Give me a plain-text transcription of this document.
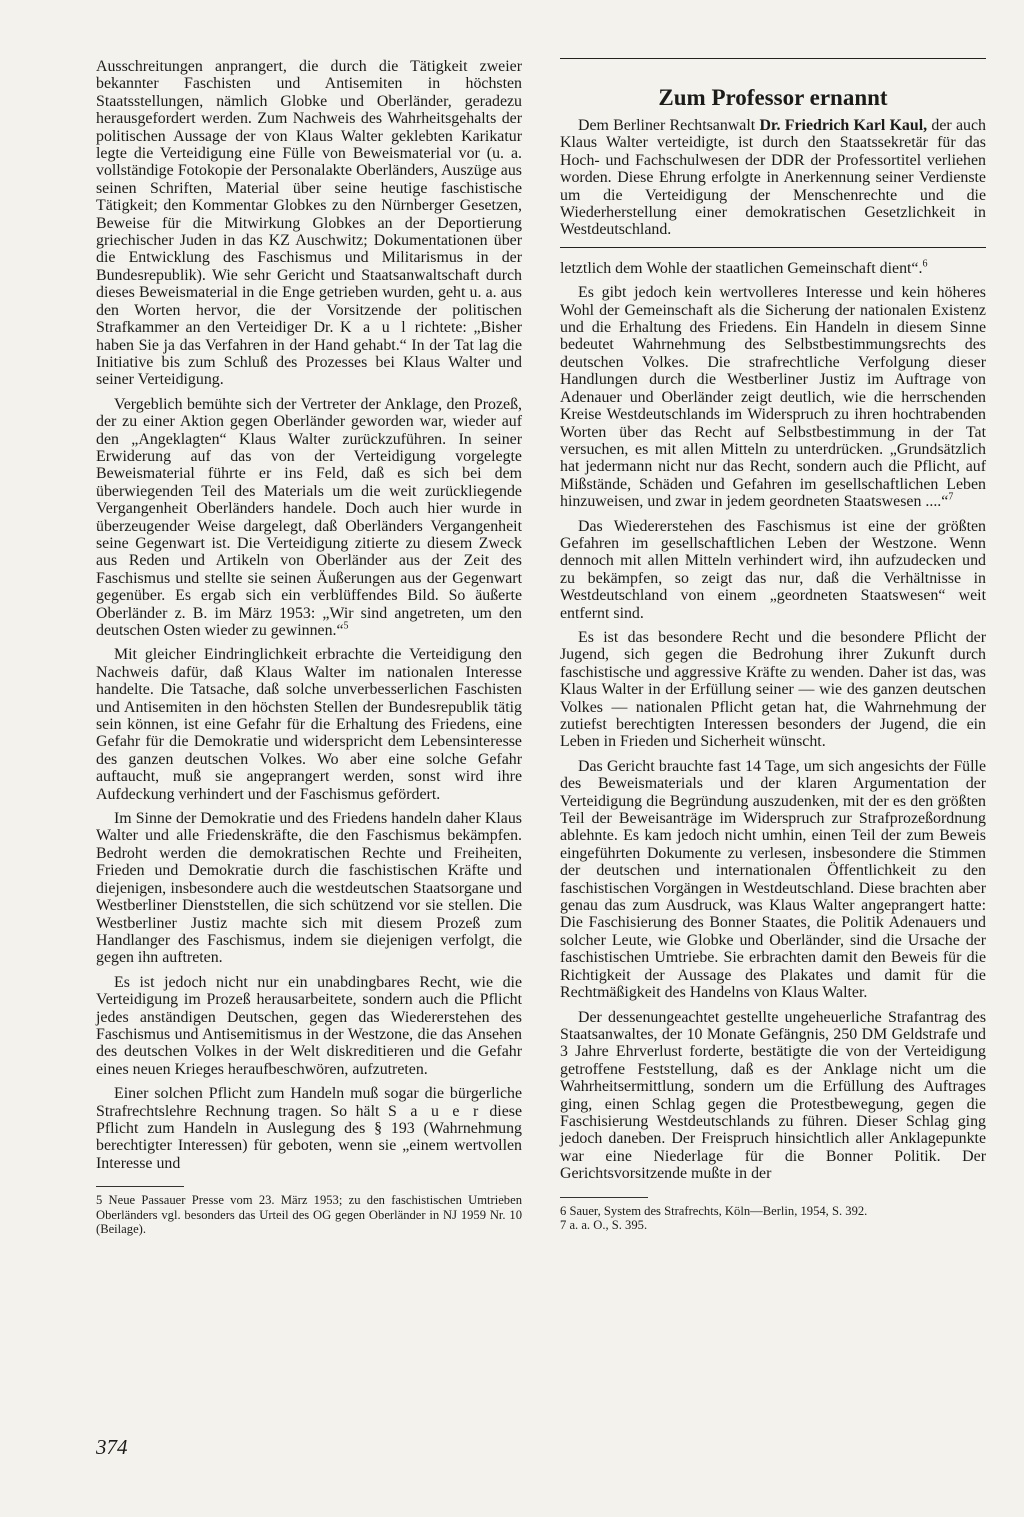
Ausschreitungen anprangert, die durch die Tätigkeit zweier bekannter Faschisten und Antisemiten in höchsten Staatsstellungen, nämlich Globke und Oberländer, geradezu herausgefordert werden. Zum Nachweis des Wahrheitsgehalts der politischen Aussage der von Klaus Walter geklebten Karikatur legte die Verteidigung eine Fülle von Beweismaterial vor (u. a. vollständige Fotokopie der Personalakte Oberländers, Auszüge aus seinen Schriften, Material über seine heutige faschistische Tätigkeit; den Kommentar Globkes zu den Nürnberger Gesetzen, Beweise für die Mitwirkung Globkes an der Deportierung griechischer Juden in das KZ Auschwitz; Dokumentationen über die Entwicklung des Faschismus und Militarismus in der Bundesrepublik). Wie sehr Gericht und Staatsanwaltschaft durch dieses Beweismaterial in die Enge getrieben wurden, geht u. a. aus den Worten hervor, die der Vorsitzende der politischen Strafkammer an den Verteidiger Dr. K a u l richtete: „Bisher haben Sie ja das Verfahren in der Hand gehabt.“ In der Tat lag die Initiative bis zum Schluß des Prozesses bei Klaus Walter und seiner Verteidigung.

Vergeblich bemühte sich der Vertreter der Anklage, den Prozeß, der zu einer Aktion gegen Oberländer geworden war, wieder auf den „Angeklagten“ Klaus Walter zurückzuführen. In seiner Erwiderung auf das von der Verteidigung vorgelegte Beweismaterial führte er ins Feld, daß es sich bei dem überwiegenden Teil des Materials um die weit zurückliegende Vergangenheit Oberländers handele. Doch auch hier wurde in überzeugender Weise dargelegt, daß Oberländers Vergangenheit seine Gegenwart ist. Die Verteidigung zitierte zu diesem Zweck aus Reden und Artikeln von Oberländer aus der Zeit des Faschismus und stellte sie seinen Äußerungen aus der Gegenwart gegenüber. Es ergab sich ein verblüffendes Bild. So äußerte Oberländer z. B. im März 1953: „Wir sind angetreten, um den deutschen Osten wieder zu gewinnen.“$^5$

Mit gleicher Eindringlichkeit erbrachte die Verteidigung den Nachweis dafür, daß Klaus Walter im nationalen Interesse handelte. Die Tatsache, daß solche unverbesserlichen Faschisten und Antisemiten in den höchsten Stellen der Bundesrepublik tätig sein können, ist eine Gefahr für die Erhaltung des Friedens, eine Gefahr für die Demokratie und widerspricht dem Lebensinteresse des ganzen deutschen Volkes. Wo aber eine solche Gefahr auftaucht, muß sie angeprangert werden, sonst wird ihre Aufdeckung verhindert und der Faschismus gefördert.

Im Sinne der Demokratie und des Friedens handeln daher Klaus Walter und alle Friedenskräfte, die den Faschismus bekämpfen. Bedroht werden die demokratischen Rechte und Freiheiten, Frieden und Demokratie durch die faschistischen Kräfte und diejenigen, insbesondere auch die westdeutschen Staatsorgane und Westberliner Dienststellen, die sich schützend vor sie stellen. Die Westberliner Justiz machte sich mit diesem Prozeß zum Handlanger des Faschismus, indem sie diejenigen verfolgt, die gegen ihn auftreten.

Es ist jedoch nicht nur ein unabdingbares Recht, wie die Verteidigung im Prozeß herausarbeitete, sondern auch die Pflicht jedes anständigen Deutschen, gegen das Wiedererstehen des Faschismus und Antisemitismus in der Westzone, die das Ansehen des deutschen Volkes in der Welt diskreditieren und die Gefahr eines neuen Krieges heraufbeschwören, aufzutreten.

Einer solchen Pflicht zum Handeln muß sogar die bürgerliche Strafrechtslehre Rechnung tragen. So hält S a u e r diese Pflicht zum Handeln in Auslegung des § 193 (Wahrnehmung berechtigter Interessen) für geboten, wenn sie „einem wertvollen Interesse und

5 Neue Passauer Presse vom 23. März 1953; zu den faschistischen Umtrieben Oberländers vgl. besonders das Urteil des OG gegen Oberländer in NJ 1959 Nr. 10 (Beilage).

374
Zum Professor ernannt

Dem Berliner Rechtsanwalt Dr. Friedrich Karl Kaul, der auch Klaus Walter verteidigte, ist durch den Staatssekretär für das Hoch- und Fachschulwesen der DDR der Professortitel verliehen worden. Diese Ehrung erfolgte in Anerkennung seiner Verdienste um die Verteidigung der Menschenrechte und die Wiederherstellung einer demokratischen Gesetzlichkeit in Westdeutschland.

letztlich dem Wohle der staatlichen Gemeinschaft dient“.$^6$

Es gibt jedoch kein wertvolleres Interesse und kein höheres Wohl der Gemeinschaft als die Sicherung der nationalen Existenz und die Erhaltung des Friedens. Ein Handeln in diesem Sinne bedeutet Wahrnehmung des Selbstbestimmungsrechts des deutschen Volkes. Die strafrechtliche Verfolgung dieser Handlungen durch die Westberliner Justiz im Auftrage von Adenauer und Oberländer zeigt deutlich, wie die herrschenden Kreise Westdeutschlands im Widerspruch zu ihren hochtrabenden Worten über das Recht auf Selbstbestimmung in der Tat versuchen, es mit allen Mitteln zu unterdrücken. „Grundsätzlich hat jedermann nicht nur das Recht, sondern auch die Pflicht, auf Mißstände, Schäden und Gefahren im gesellschaftlichen Leben hinzuweisen, und zwar in jedem geordneten Staatswesen ....“$^7$

Das Wiedererstehen des Faschismus ist eine der größten Gefahren im gesellschaftlichen Leben der Westzone. Wenn dennoch mit allen Mitteln verhindert wird, ihn aufzudecken und zu bekämpfen, so zeigt das nur, daß die Verhältnisse in Westdeutschland von einem „geordneten Staatswesen“ weit entfernt sind.

Es ist das besondere Recht und die besondere Pflicht der Jugend, sich gegen die Bedrohung ihrer Zukunft durch faschistische und aggressive Kräfte zu wenden. Daher ist das, was Klaus Walter in der Erfüllung seiner — wie des ganzen deutschen Volkes — nationalen Pflicht getan hat, die Wahrnehmung der zutiefst berechtigten Interessen besonders der Jugend, die ein Leben in Frieden und Sicherheit wünscht.

Das Gericht brauchte fast 14 Tage, um sich angesichts der Fülle des Beweismaterials und der klaren Argumentation der Verteidigung die Begründung auszudenken, mit der es den größten Teil der Beweisanträge im Widerspruch zur Strafprozeßordnung ablehnte. Es kam jedoch nicht umhin, einen Teil der zum Beweis eingeführten Dokumente zu verlesen, insbesondere die Stimmen der deutschen und internationalen Öffentlichkeit zu den faschistischen Vorgängen in Westdeutschland. Diese brachten aber genau das zum Ausdruck, was Klaus Walter angeprangert hatte: Die Faschisierung des Bonner Staates, die Politik Adenauers und solcher Leute, wie Globke und Oberländer, sind die Ursache der faschistischen Umtriebe. Sie erbrachten damit den Beweis für die Richtigkeit der Aussage des Plakates und damit für die Rechtmäßigkeit des Handelns von Klaus Walter.

Der dessenungeachtet gestellte ungeheuerliche Strafantrag des Staatsanwaltes, der 10 Monate Gefängnis, 250 DM Geldstrafe und 3 Jahre Ehrverlust forderte, bestätigte die von der Verteidigung getroffene Feststellung, daß es der Anklage nicht um die Wahrheitsermittlung, sondern um die Erfüllung des Auftrages ging, einen Schlag gegen die Protestbewegung, gegen die Faschisierung Westdeutschlands zu führen. Dieser Schlag ging jedoch daneben. Der Freispruch hinsichtlich aller Anklagepunkte war eine Niederlage für die Bonner Politik. Der Gerichtsvorsitzende mußte in der

6 Sauer, System des Strafrechts, Köln—Berlin, 1954, S. 392.

7 a. a. O., S. 395.
